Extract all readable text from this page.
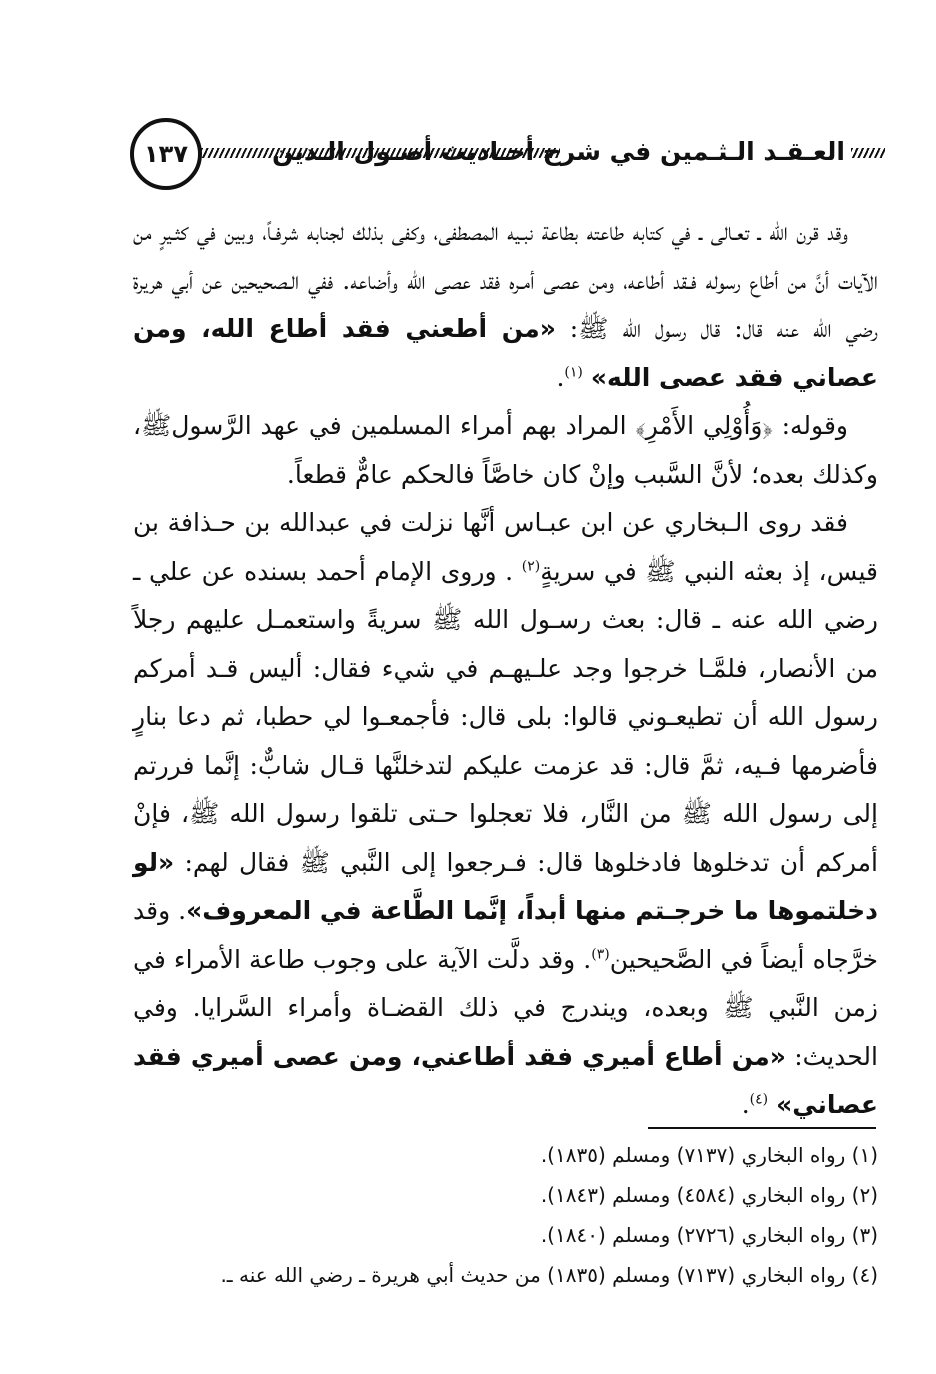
١٣٧	العـقـد الـثـمين في شرح أحـاديث أصـول الـدين

وقد قرن الله ـ تعـالى ـ في كتابه طاعته بطاعة نبـيه المصطفى، وكفى بذلك لجنابه شرفـاً، وبين في كثـيرٍ من الآيات أنَّ من أطاع رسوله فـقد أطاعه، ومن عصى أمـره فقد عصى الله وأضاعه. ففي الـصحيحين عن أبي هريرة رضي الله عنه قال: قال رسول الله ﷺ: «من أطعني فقد أطاع الله، ومن عصاني فقد عصى الله» $^{(١)}$.

وقوله: ﴿وَأُوْلِي الأَمْرِ﴾ المراد بهم أمراء المسلمين في عهد الرَّسولﷺ، وكذلك بعده؛ لأنَّ السَّبب وإنْ كان خاصَّاً فالحكم عامٌّ قطعاً.

فقد روى الـبخاري عن ابن عبـاس أنَّها نزلت في عبدالله بن حـذافة بن قيس، إذ بعثه النبي ﷺ في سريةٍ$^{(٢)}$ . وروى الإمام أحمد بسنده عن علي ـ رضي الله عنه ـ قال: بعث رسـول الله ﷺ سريةً واستعمـل عليهم رجلاً من الأنصار، فلمَّـا خرجوا وجد علـيهـم في شيء فقال: أليس قـد أمركم رسول الله أن تطيعـوني قالوا: بلى قال: فأجمعـوا لي حطبا، ثم دعا بنارٍ فأضرمها فـيه، ثمَّ قال: قد عزمت عليكم لتدخلنَّها قـال شابٌّ: إنَّما فررتم إلى رسول الله ﷺ من النَّار، فلا تعجلوا حـتى تلقوا رسول الله ﷺ، فإنْ أمركم أن تدخلوها فادخلوها قال: فـرجعوا إلى النَّبي ﷺ فقال لهم: «لو دخلتموها ما خرجـتم منها أبداً، إنَّما الطَّاعة في المعروف». وقد خرَّجاه أيضاً في الصَّحيحين$^{(٣)}$. وقد دلَّت الآية على وجوب طاعة الأمراء في زمن النَّبي ﷺ وبعده، ويندرج في ذلك القضـاة وأمراء السَّرايا. وفي الحديث: «من أطاع أميري فقد أطاعني، ومن عصى أميري فقد عصاني» $^{(٤)}$.

(١) رواه البخاري (٧١٣٧) ومسلم (١٨٣٥).

(٢) رواه البخاري (٤٥٨٤) ومسلم (١٨٤٣).

(٣) رواه البخاري (٢٧٢٦) ومسلم (١٨٤٠).

(٤) رواه البخاري (٧١٣٧) ومسلم (١٨٣٥) من حديث أبي هريرة ـ رضي الله عنه ـ.
